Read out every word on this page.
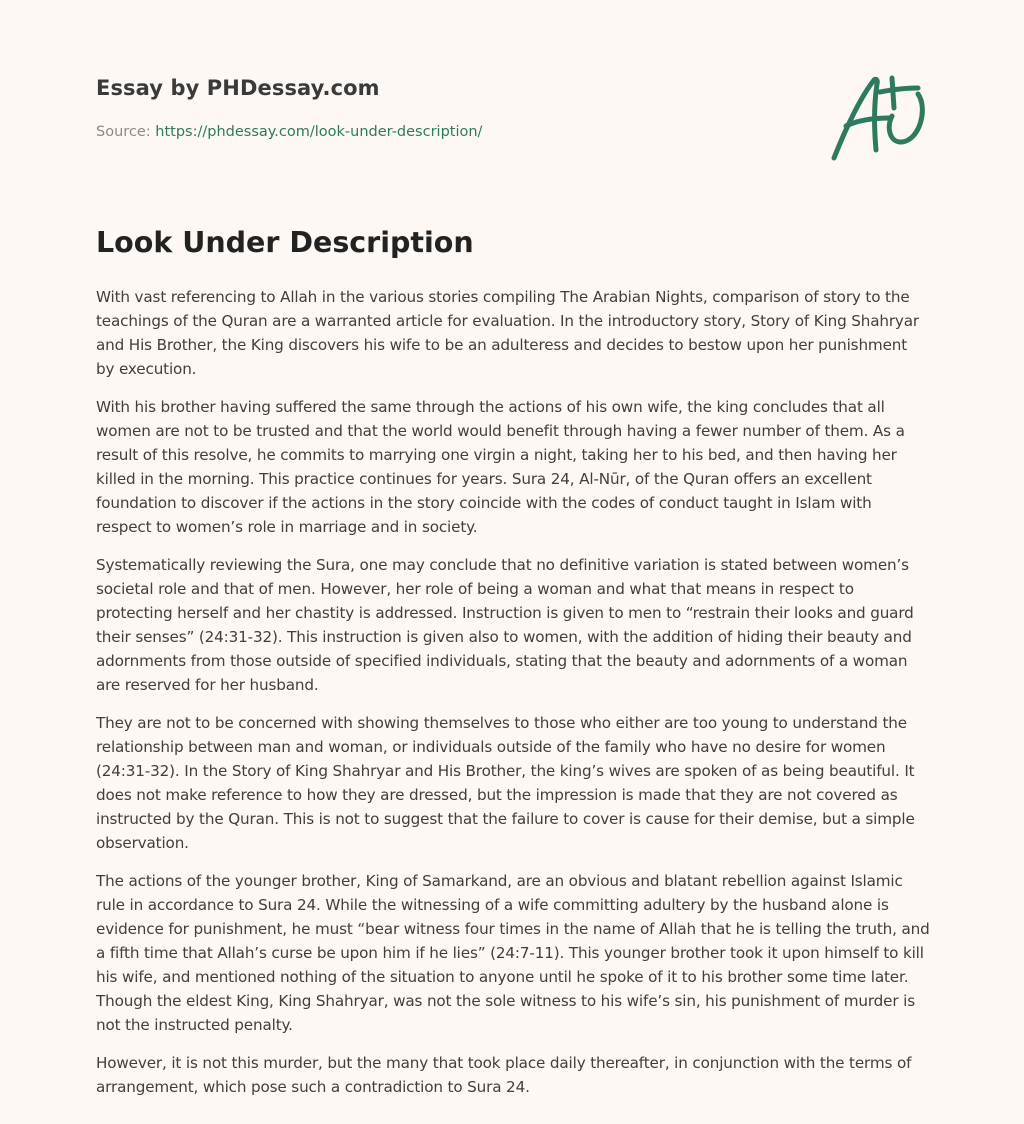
Essay by PHDessay.com
Source: https://phdessay.com/look-under-description/
Look Under Description

With vast referencing to Allah in the various stories compiling The Arabian Nights, comparison of story to the teachings of the Quran are a warranted article for evaluation. In the introductory story, Story of King Shahryar and His Brother, the King discovers his wife to be an adulteress and decides to bestow upon her punishment by execution.

With his brother having suffered the same through the actions of his own wife, the king concludes that all women are not to be trusted and that the world would benefit through having a fewer number of them. As a result of this resolve, he commits to marrying one virgin a night, taking her to his bed, and then having her killed in the morning. This practice continues for years. Sura 24, Al-Nūr, of the Quran offers an excellent foundation to discover if the actions in the story coincide with the codes of conduct taught in Islam with respect to women’s role in marriage and in society.

Systematically reviewing the Sura, one may conclude that no definitive variation is stated between women’s societal role and that of men. However, her role of being a woman and what that means in respect to protecting herself and her chastity is addressed. Instruction is given to men to “restrain their looks and guard their senses” (24:31-32). This instruction is given also to women, with the addition of hiding their beauty and adornments from those outside of specified individuals, stating that the beauty and adornments of a woman are reserved for her husband.

They are not to be concerned with showing themselves to those who either are too young to understand the relationship between man and woman, or individuals outside of the family who have no desire for women (24:31-32). In the Story of King Shahryar and His Brother, the king’s wives are spoken of as being beautiful. It does not make reference to how they are dressed, but the impression is made that they are not covered as instructed by the Quran. This is not to suggest that the failure to cover is cause for their demise, but a simple observation.

The actions of the younger brother, King of Samarkand, are an obvious and blatant rebellion against Islamic rule in accordance to Sura 24. While the witnessing of a wife committing adultery by the husband alone is evidence for punishment, he must “bear witness four times in the name of Allah that he is telling the truth, and a fifth time that Allah’s curse be upon him if he lies” (24:7-11). This younger brother took it upon himself to kill his wife, and mentioned nothing of the situation to anyone until he spoke of it to his brother some time later. Though the eldest King, King Shahryar, was not the sole witness to his wife’s sin, his punishment of murder is not the instructed penalty.

However, it is not this murder, but the many that took place daily thereafter, in conjunction with the terms of arrangement, which pose such a contradiction to Sura 24.
